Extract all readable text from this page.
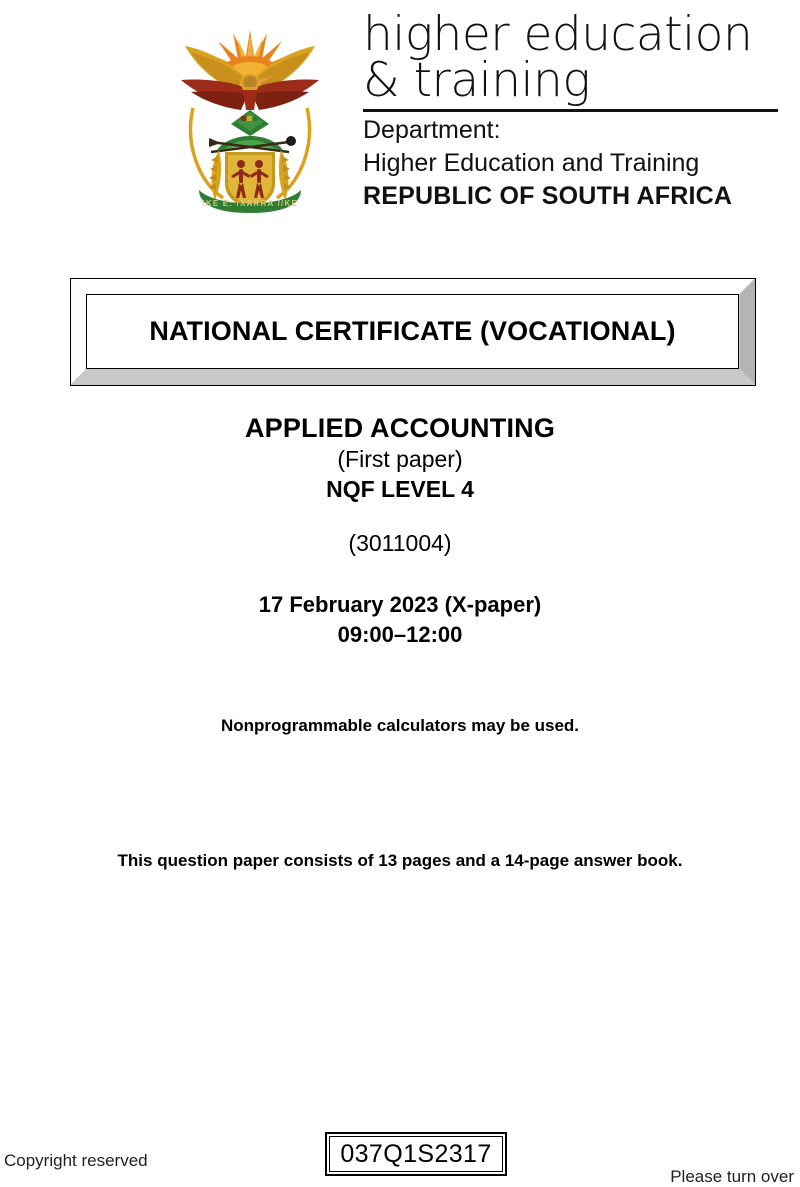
!KE E: /XARRA //KE
higher education
& training
Department:
Higher Education and Training
REPUBLIC OF SOUTH AFRICA
NATIONAL CERTIFICATE (VOCATIONAL)
APPLIED ACCOUNTING
(First paper)
NQF LEVEL 4
(3011004)
17 February 2023 (X-paper)
09:00–12:00
Nonprogrammable calculators may be used.
This question paper consists of 13 pages and a 14-page answer book.
Copyright reserved	037Q1S2317
Please turn over
